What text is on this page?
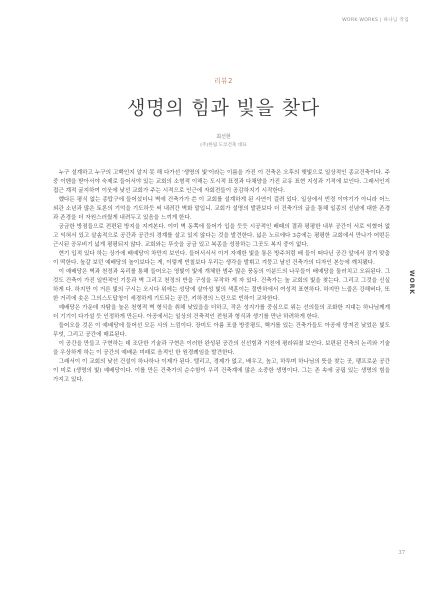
WORK WORKS | 하나님 작업
리뷰2
생명의 힘과 빛을 찾다
최선현
(주)한림 도코건축 대표

누구 설계하고 누구의 고백인지 알지 못 해 다가선 '생명의 빛'이라는 이름을 가진 이 건축은 오후의 햇빛으로 일상적인 종교건축이다. 주중 이벤을 받아서야 숙제로 들어서야 있는 교회의 소형적 이해는 도시적 표정과 다채양을 가진 교유 표현 지성과 기적에 보인다. 그래서인지 접근 계적 굴지하여 이웃에 낮선 교회가 주는 시적으로 인근에 자회전들이 공감하지기 시작한다.

했다든 평식 없는 종탑구에 들어섰더니 벽에 건축가가 쓴 이 교회를 설계하게 된 사연이 걸려 있다. 일상에서 빈정 이야기가 아니라 어느 외관 소년과 많은 토론의 기억을 기도하듯 써 내려간 벽화 말입니. 교회가 설명의 발판보다 더 건축가의 글을 통해 일종의 신념에 대한 존경과 존경을 더 자원스러웠게 내려두고 있음을 느끼게 한다.

궁금한 방점들으로 전편된 방지을 지켜본다. 이미 벽 동쪽에 들어가 입을 듯듯 시공적인 배때의 결과 평평한 내부 공간이 서로 익혔어 없고 익혀서 있고 살솜적으로 공간과 공간의 경계를 살고 있지 않다는 것을 발견한다. 넓은 노르에다 3층에는 평평한 교회에서 만나가 어떤든 근시된 공무비기 넓게 평평되지 않다. 교회와는 뚜숫을 궁금 있고 복종을 성장하는 그곳도 복지 중이 없다.

현기 입적 있다 하는 상가에 배예당이 차만지 보인다. 들어서서서 이거 자재한 빛을 통은 방주처럼 배 들이 떠다닌 공간 앞에서 잠겨 맞춤이 떡한다. 높갈 보던 예배당의 높이보다는 게, 이렇게 빈칠보다 우리는 생각을 발휘고 겨뭉고 날선 건축가의 디자인 본능에 깨치됐다.

이 예배당은 벽과 천정과 옥리를 통해 들어오는 영빛이 빛에 개체한 범주 많은 풍동의 이분드의 나무들이 배예당을 둘러치고 오워된다. 그것도 건축이 가진 일반적인 기둥과 벽 그리고 천정의 반을 구성을 무작하 게 자 있다. 건축가는 높 교회의 빛을 찾는다. 그리고 그것을 신실하게 다. 하지만 이 거른 빛의 구시는 오시다 위에는 성당에 살아성 빛의 색훈이는 절반하에서 여성적 표현하다. 하지만 느줍은 강해버다, 또한 거리에 솟은 그의스도답청이 세경하게 기도되는 공간, 키하경의 느린으로 빈하이 교차한다.

예배당은 가운데 자탐을 높은 천형적 벽 형식을 취해 낮있을을 더하고, 작은 성지가를 중심으로 위는 선의들의 조화한 지대는 하나님께게 더 기기이 다가설 듯 인정하게 만든다. 아공에서는 일상의 건축적인 전원과 형식과 생기를 만난 하려하게 한다.

들어오을 것은 이 예배당에 들어선 모든 사의 느낌이다. 장미도 아름 포클 방중평도, 핵거를 있는 건축가들도 아공에 망져진 낮었은 빛도 무엇, 그리고 공간에 매료된다.

이 공간을 만들고 구현하는 데 조단한 기술과 구현은 이러한 완성된 공간의 신선힘과 거친에 평라워졌 보인다. 보편된 건축의 논리와 기술을 우상하게 하는 이 공간의 예배운 미래로 음적인 한 원경례임을 발견한다.

그래서이 이 교회의 낮선 건설이 하나하나 이제가 된다. 텔리고, 경제가 없고, 배우고, 높고, 하투며 하나님의 뜻을 찾는 곳, 팽프로운 공간이 미로 (생명의 빛) 예배당이다. 이를 만든 건축가의 순수함이 우리 건축계에 많은 소중한 생명이다. 그는 존 속에 궁핍 있는 생명의 힘을 가지고 있다.

WORK
37
